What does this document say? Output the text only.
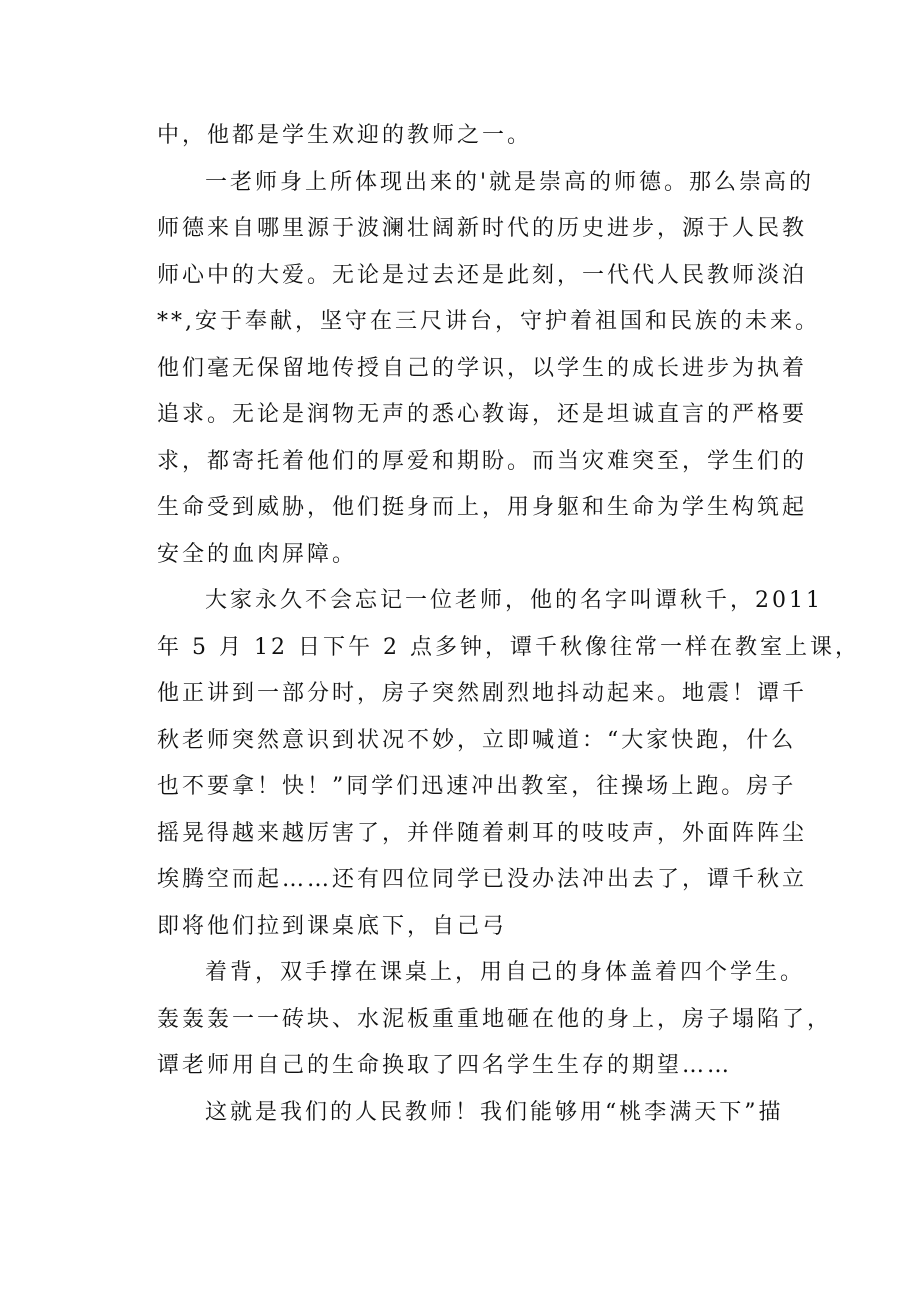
中，他都是学生欢迎的教师之一。
一老师身上所体现出来的'就是崇高的师德。那么崇高的
师德来自哪里源于波澜壮阔新时代的历史进步，源于人民教
师心中的大爱。无论是过去还是此刻，一代代人民教师淡泊
**,安于奉献，坚守在三尺讲台，守护着祖国和民族的未来。
他们毫无保留地传授自己的学识，以学生的成长进步为执着
追求。无论是润物无声的悉心教诲，还是坦诚直言的严格要
求，都寄托着他们的厚爱和期盼。而当灾难突至，学生们的
生命受到威胁，他们挺身而上，用身躯和生命为学生构筑起
安全的血肉屏障。
大家永久不会忘记一位老师，他的名字叫谭秋千，2011
年 5 月 12 日下午 2 点多钟，谭千秋像往常一样在教室上课，
他正讲到一部分时，房子突然剧烈地抖动起来。地震！谭千
秋老师突然意识到状况不妙，立即喊道：“大家快跑，什么
也不要拿！快！”同学们迅速冲出教室，往操场上跑。房子
摇晃得越来越厉害了，并伴随着刺耳的吱吱声，外面阵阵尘
埃腾空而起……还有四位同学已没办法冲出去了，谭千秋立
即将他们拉到课桌底下，自己弓
着背，双手撑在课桌上，用自己的身体盖着四个学生。
轰轰轰一一砖块、水泥板重重地砸在他的身上，房子塌陷了，
谭老师用自己的生命换取了四名学生生存的期望……
这就是我们的人民教师！我们能够用“桃李满天下”描
